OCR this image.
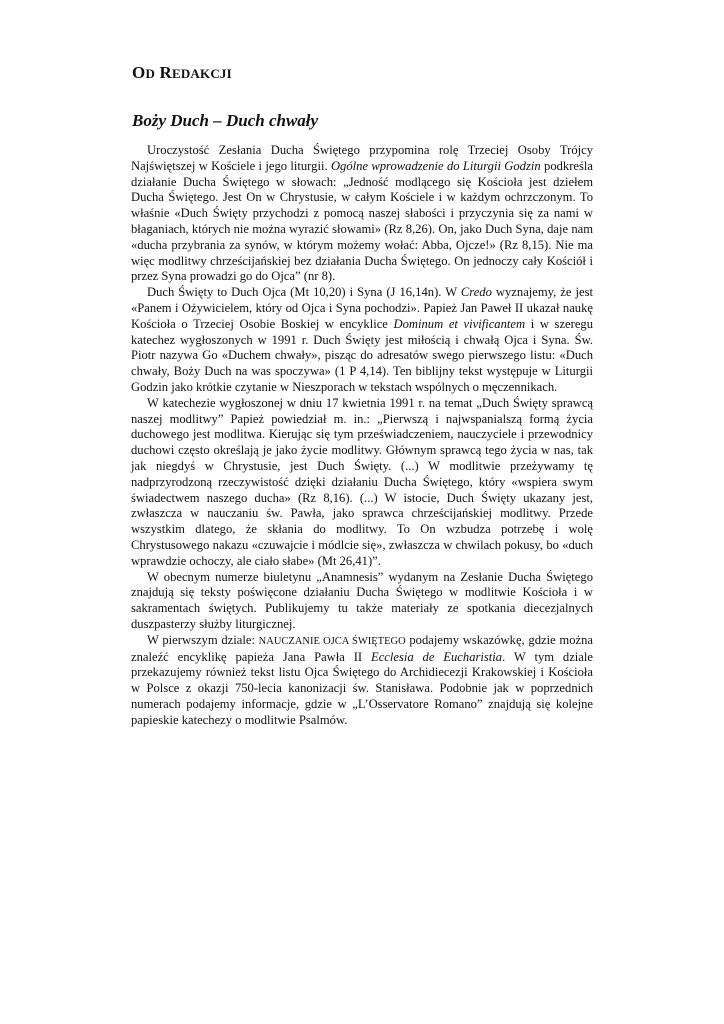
OD REDAKCJI
Boży Duch – Duch chwały

Uroczystość Zesłania Ducha Świętego przypomina rolę Trzeciej Osoby Trójcy Najświętszej w Kościele i jego liturgii. Ogólne wprowadzenie do Liturgii Godzin podkreśla działanie Ducha Świętego w słowach: „Jedność modlącego się Kościoła jest dziełem Ducha Świętego. Jest On w Chrystusie, w całym Kościele i w każdym ochrzczonym. To właśnie «Duch Święty przychodzi z pomocą naszej słabości i przyczynia się za nami w błaganiach, których nie można wyrazić słowami» (Rz 8,26). On, jako Duch Syna, daje nam «ducha przybrania za synów, w którym możemy wołać: Abba, Ojcze!» (Rz 8,15). Nie ma więc modlitwy chrześcijańskiej bez działania Ducha Świętego. On jednoczy cały Kościół i przez Syna prowadzi go do Ojca” (nr 8).

Duch Święty to Duch Ojca (Mt 10,20) i Syna (J 16,14n). W Credo wyznajemy, że jest «Panem i Ożywicielem, który od Ojca i Syna pochodzi». Papież Jan Paweł II ukazał naukę Kościoła o Trzeciej Osobie Boskiej w encyklice Dominum et vivificantem i w szeregu katechez wygłoszonych w 1991 r. Duch Święty jest miłością i chwałą Ojca i Syna. Św. Piotr nazywa Go «Duchem chwały», pisząc do adresatów swego pierwszego listu: «Duch chwały, Boży Duch na was spoczywa» (1 P 4,14). Ten biblijny tekst występuje w Liturgii Godzin jako krótkie czytanie w Nieszporach w tekstach wspólnych o męczennikach.

W katechezie wygłoszonej w dniu 17 kwietnia 1991 r. na temat „Duch Święty sprawcą naszej modlitwy” Papież powiedział m. in.: „Pierwszą i najwspanialszą formą życia duchowego jest modlitwa. Kierując się tym przeświadczeniem, nauczyciele i przewodnicy duchowi często określają je jako życie modlitwy. Głównym sprawcą tego życia w nas, tak jak niegdyś w Chrystusie, jest Duch Święty. (...) W modlitwie przeżywamy tę nadprzyrodzoną rzeczywistość dzięki działaniu Ducha Świętego, który «wspiera swym świadectwem naszego ducha» (Rz 8,16). (...) W istocie, Duch Święty ukazany jest, zwłaszcza w nauczaniu św. Pawła, jako sprawca chrześcijańskiej modlitwy. Przede wszystkim dlatego, że skłania do modlitwy. To On wzbudza potrzebę i wolę Chrystusowego nakazu «czuwajcie i módlcie się», zwłaszcza w chwilach pokusy, bo «duch wprawdzie ochoczy, ale ciało słabe» (Mt 26,41)”.

W obecnym numerze biuletynu „Anamnesis” wydanym na Zesłanie Ducha Świętego znajdują się teksty poświęcone działaniu Ducha Świętego w modlitwie Kościoła i w sakramentach świętych. Publikujemy tu także materiały ze spotkania diecezjalnych duszpasterzy służby liturgicznej.

W pierwszym dziale: NAUCZANIE OJCA ŚWIĘTEGO podajemy wskazówkę, gdzie można znaleźć encyklikę papieża Jana Pawła II Ecclesia de Eucharistia. W tym dziale przekazujemy również tekst listu Ojca Świętego do Archidiecezji Krakowskiej i Kościoła w Polsce z okazji 750-lecia kanonizacji św. Stanisława. Podobnie jak w poprzednich numerach podajemy informacje, gdzie w „L’Osservatore Romano” znajdują się kolejne papieskie katechezy o modlitwie Psalmów.
